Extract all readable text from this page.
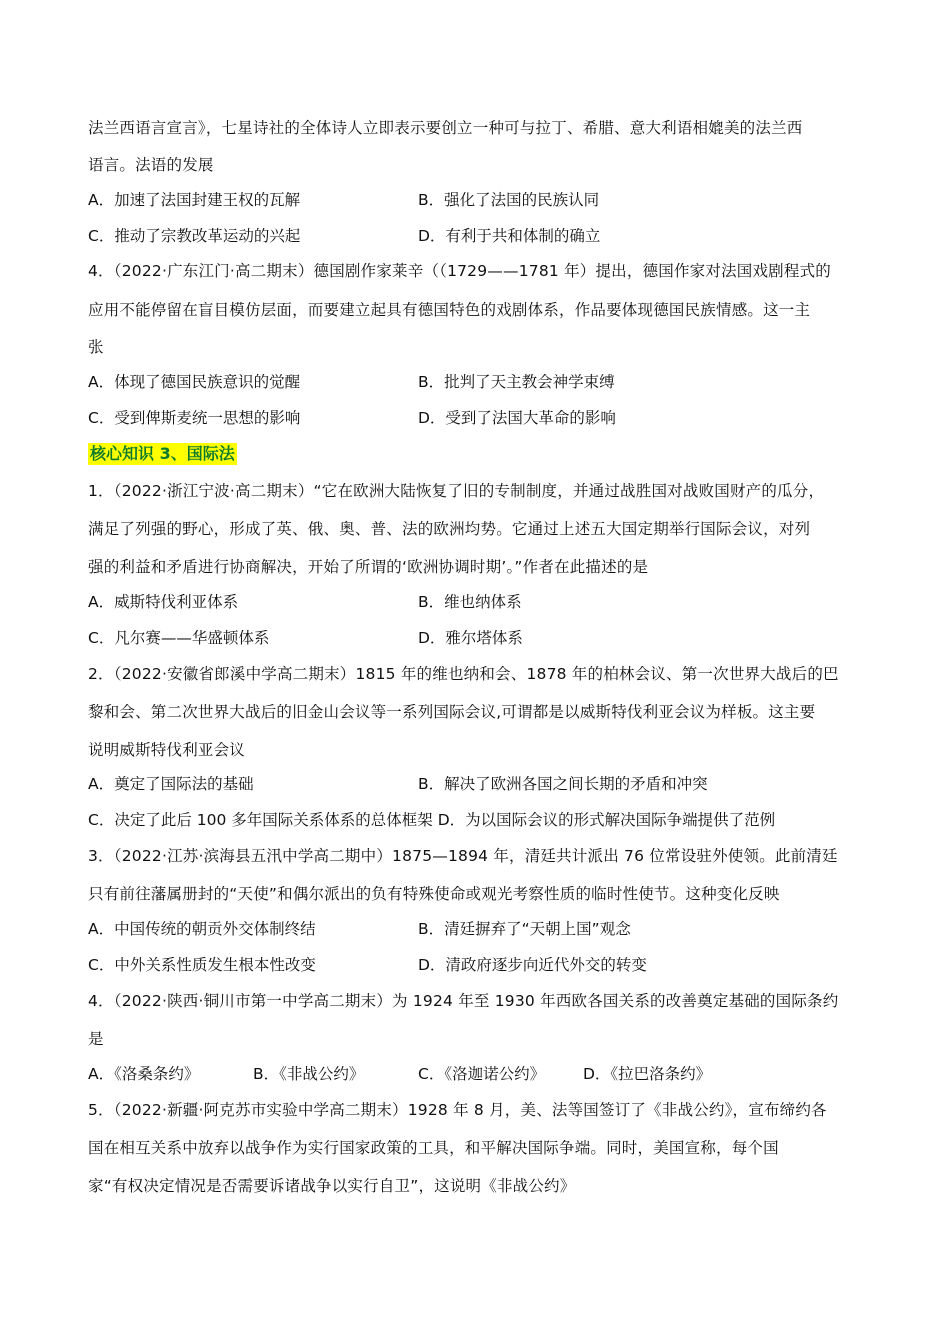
法兰西语言宣言》，七星诗社的全体诗人立即表示要创立一种可与拉丁、希腊、意大利语相媲美的法兰西
语言。法语的发展
A．加速了法国封建王权的瓦解	B．强化了法国的民族认同
C．推动了宗教改革运动的兴起	D．有利于共和体制的确立
4．（2022·广东江门·高二期末）德国剧作家莱辛（（1729——1781 年）提出，德国作家对法国戏剧程式的
应用不能停留在盲目模仿层面，而要建立起具有德国特色的戏剧体系，作品要体现德国民族情感。这一主
张
A．体现了德国民族意识的觉醒	B．批判了天主教会神学束缚
C．受到俾斯麦统一思想的影响	D．受到了法国大革命的影响
核心知识 3、国际法
1．（2022·浙江宁波·高二期末）“它在欧洲大陆恢复了旧的专制制度，并通过战胜国对战败国财产的瓜分，
满足了列强的野心，形成了英、俄、奥、普、法的欧洲均势。它通过上述五大国定期举行国际会议，对列
强的利益和矛盾进行协商解决，开始了所谓的‘欧洲协调时期’。”作者在此描述的是
A．威斯特伐利亚体系	B．维也纳体系
C．凡尔赛——华盛顿体系	D．雅尔塔体系
2．（2022·安徽省郎溪中学高二期末）1815 年的维也纳和会、1878 年的柏林会议、第一次世界大战后的巴
黎和会、第二次世界大战后的旧金山会议等一系列国际会议,可谓都是以威斯特伐利亚会议为样板。这主要
说明威斯特伐利亚会议
A．奠定了国际法的基础	B．解决了欧洲各国之间长期的矛盾和冲突
C．决定了此后 100 多年国际关系体系的总体框架 D．为以国际会议的形式解决国际争端提供了范例
3．（2022·江苏·滨海县五汛中学高二期中）1875—1894 年，清廷共计派出 76 位常设驻外使领。此前清廷
只有前往藩属册封的“天使”和偶尔派出的负有特殊使命或观光考察性质的临时性使节。这种变化反映
A．中国传统的朝贡外交体制终结	B．清廷摒弃了“天朝上国”观念
C．中外关系性质发生根本性改变	D．清政府逐步向近代外交的转变
4．（2022·陕西·铜川市第一中学高二期末）为 1924 年至 1930 年西欧各国关系的改善奠定基础的国际条约
是
A．《洛桑条约》	B．《非战公约》	C．《洛迦诺公约》 D．《拉巴洛条约》
5．（2022·新疆·阿克苏市实验中学高二期末）1928 年 8 月，美、法等国签订了《非战公约》，宣布缔约各
国在相互关系中放弃以战争作为实行国家政策的工具，和平解决国际争端。同时，美国宣称，每个国
家“有权决定情况是否需要诉诸战争以实行自卫”，这说明《非战公约》
